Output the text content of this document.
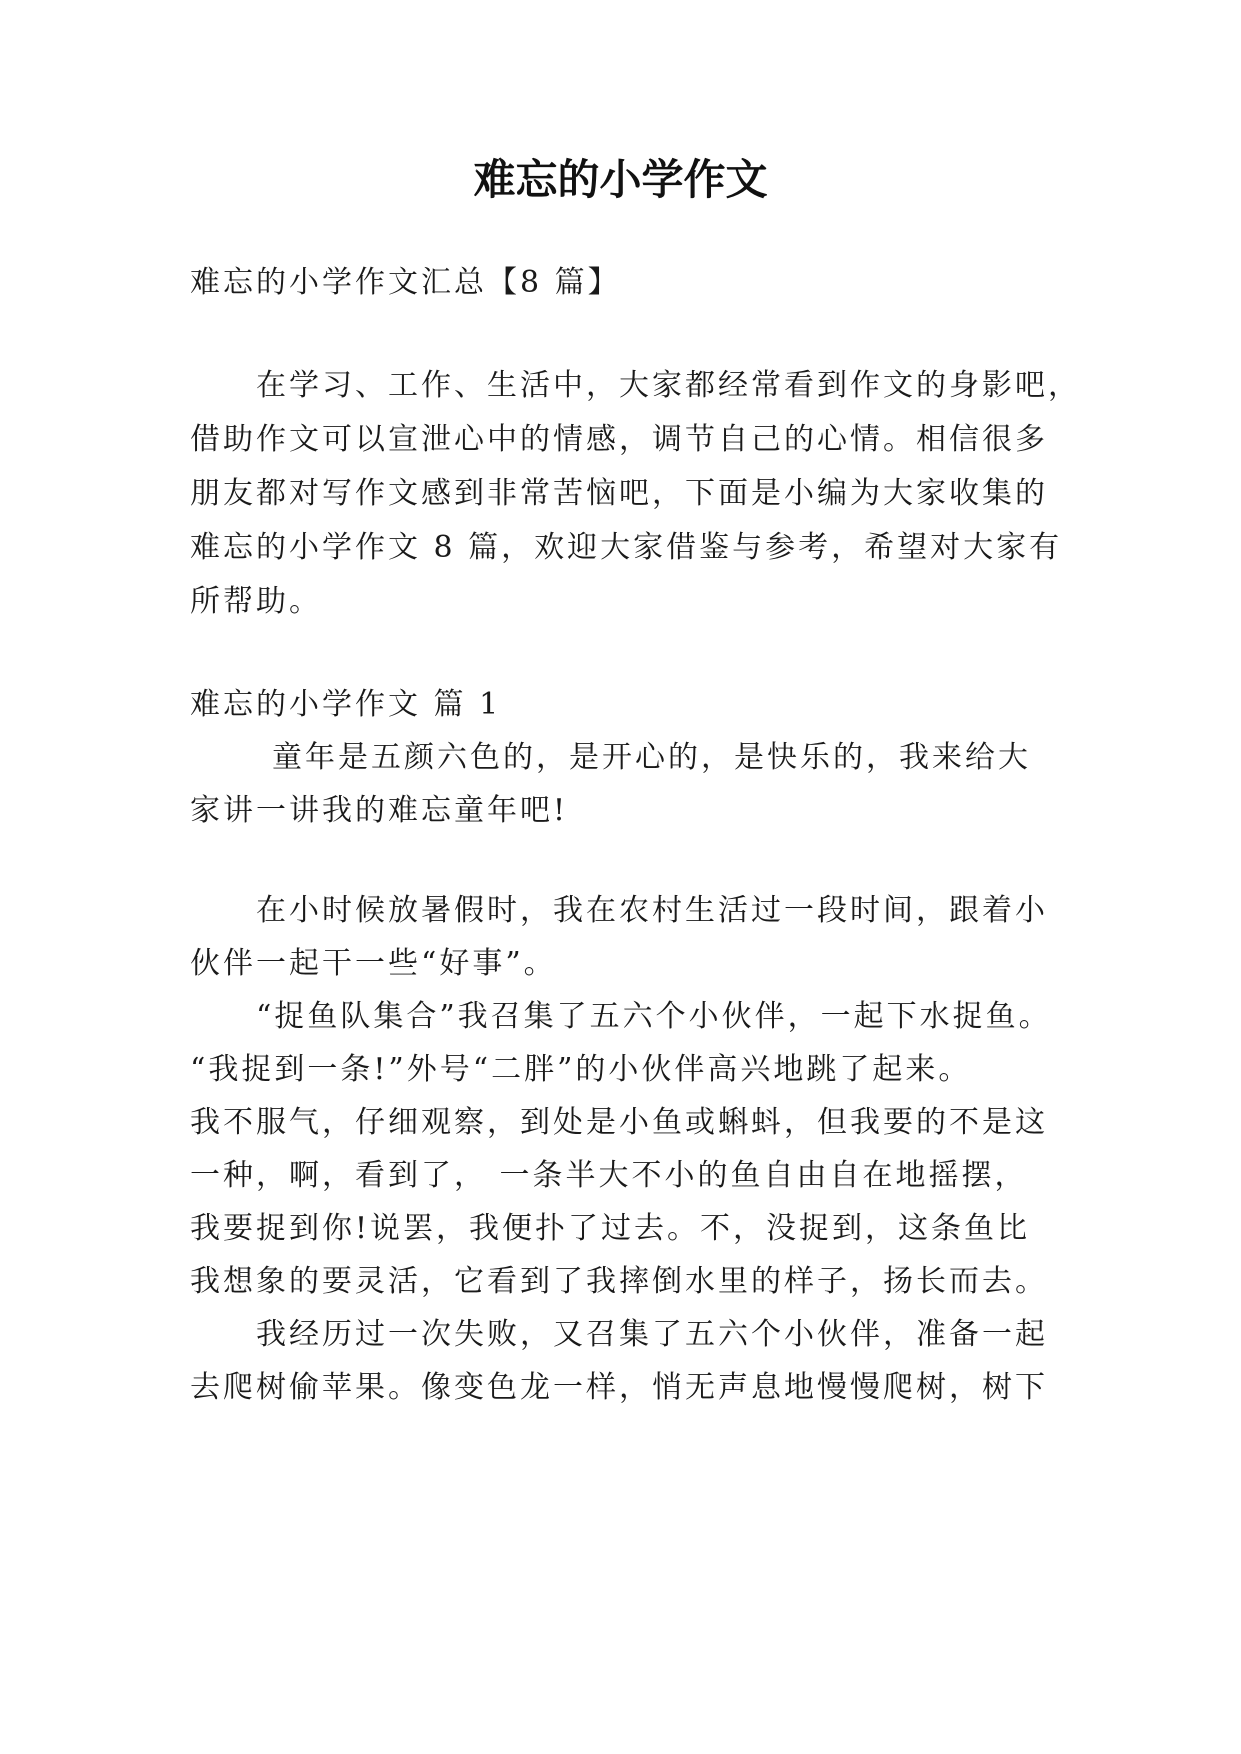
难忘的小学作文

难忘的小学作文汇总【8 篇】

在学习、工作、生活中，大家都经常看到作文的身影吧，

借助作文可以宣泄心中的情感，调节自己的心情。相信很多

朋友都对写作文感到非常苦恼吧，下面是小编为大家收集的

难忘的小学作文 8 篇，欢迎大家借鉴与参考，希望对大家有

所帮助。

难忘的小学作文 篇 1

童年是五颜六色的，是开心的，是快乐的，我来给大

家讲一讲我的难忘童年吧!

在小时候放暑假时，我在农村生活过一段时间，跟着小

伙伴一起干一些“好事”。

“捉鱼队集合”我召集了五六个小伙伴，一起下水捉鱼。

“我捉到一条!”外号“二胖”的小伙伴高兴地跳了起来。

我不服气，仔细观察，到处是小鱼或蝌蚪，但我要的不是这

一种，啊，看到了， 一条半大不小的鱼自由自在地摇摆，

我要捉到你!说罢，我便扑了过去。不，没捉到，这条鱼比

我想象的要灵活，它看到了我摔倒水里的样子，扬长而去。

我经历过一次失败，又召集了五六个小伙伴，准备一起

去爬树偷苹果。像变色龙一样，悄无声息地慢慢爬树，树下
